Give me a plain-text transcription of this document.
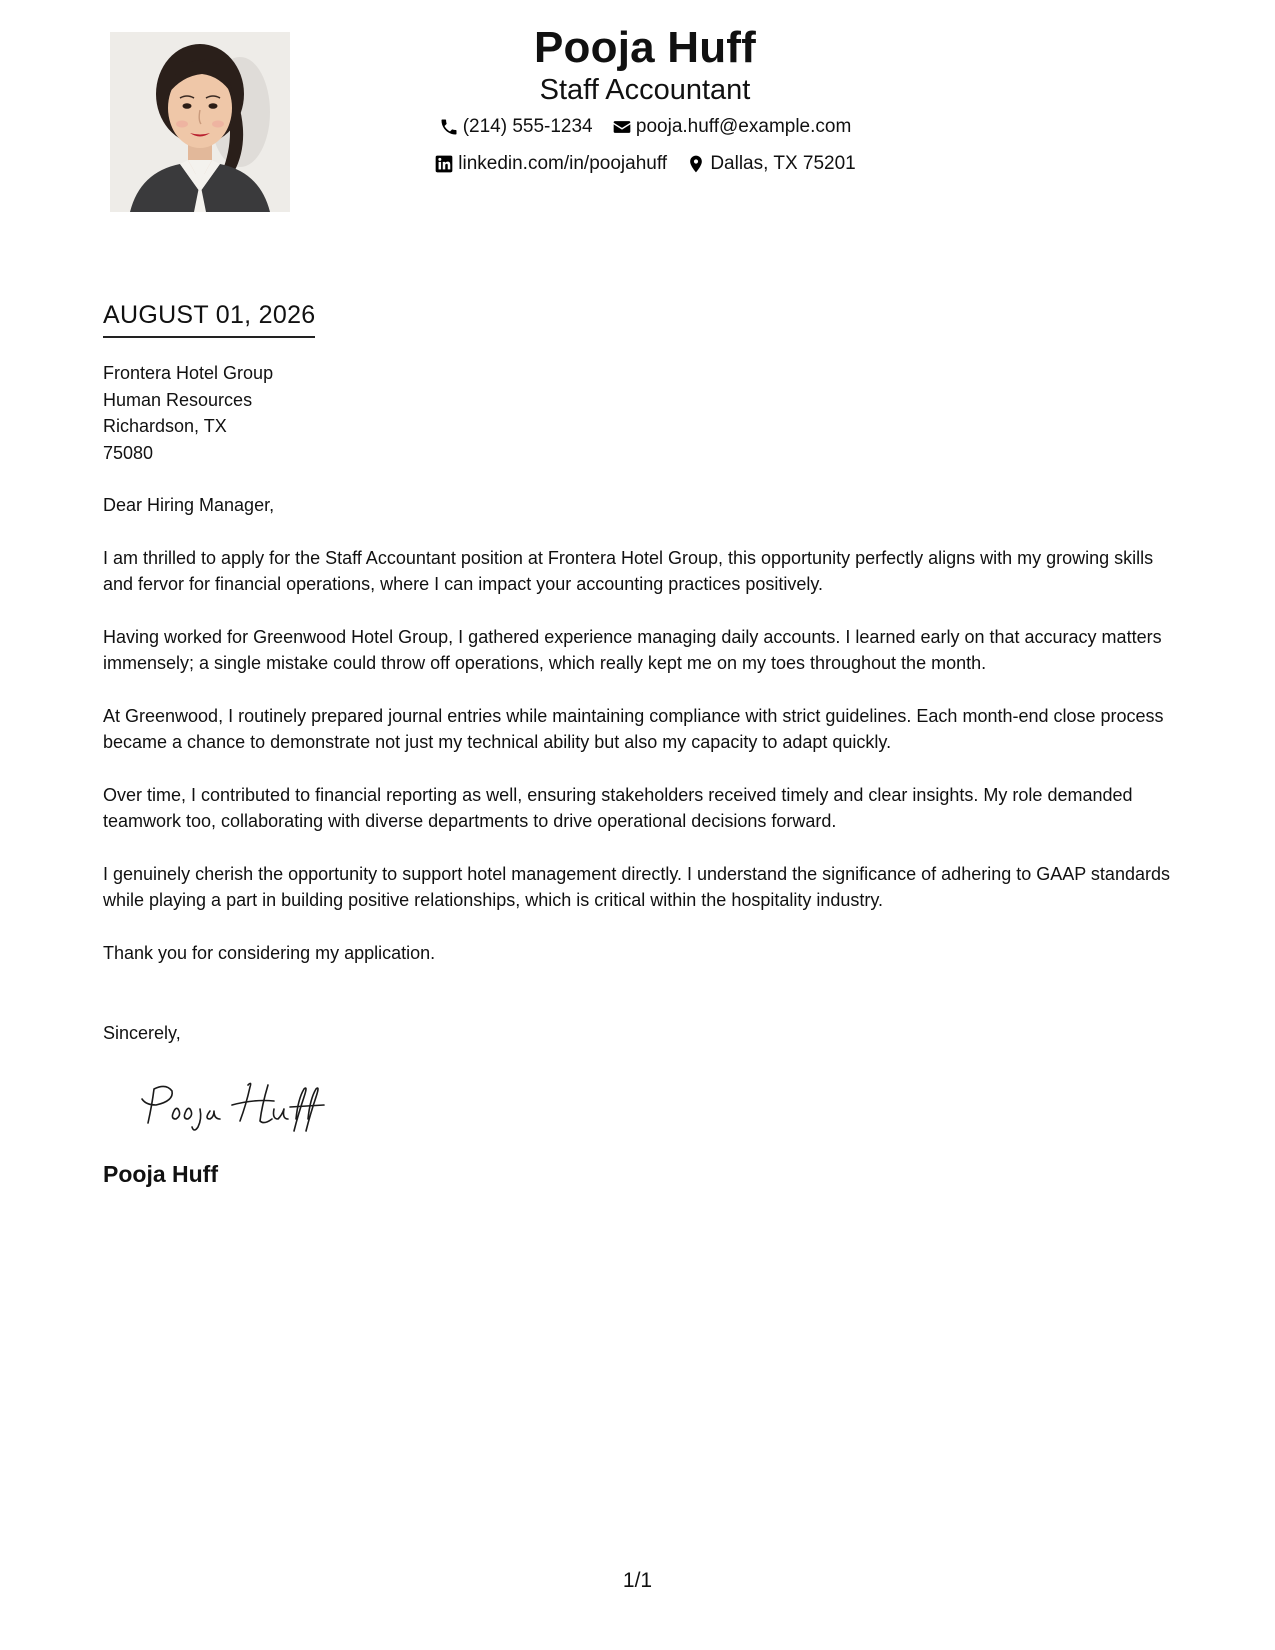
Pooja Huff
Staff Accountant
(214) 555-1234
pooja.huff@example.com
linkedin.com/in/poojahuff
Dallas, TX 75201
AUGUST 01, 2026
Frontera Hotel Group
Human Resources
Richardson, TX
75080

Dear Hiring Manager,

I am thrilled to apply for the Staff Accountant position at Frontera Hotel Group, this opportunity perfectly aligns with my growing skills and fervor for financial operations, where I can impact your accounting practices positively.

Having worked for Greenwood Hotel Group, I gathered experience managing daily accounts. I learned early on that accuracy matters immensely; a single mistake could throw off operations, which really kept me on my toes throughout the month.

At Greenwood, I routinely prepared journal entries while maintaining compliance with strict guidelines. Each month-end close process became a chance to demonstrate not just my technical ability but also my capacity to adapt quickly.

Over time, I contributed to financial reporting as well, ensuring stakeholders received timely and clear insights. My role demanded teamwork too, collaborating with diverse departments to drive operational decisions forward.

I genuinely cherish the opportunity to support hotel management directly. I understand the significance of adhering to GAAP standards while playing a part in building positive relationships, which is critical within the hospitality industry.

Thank you for considering my application.

Sincerely,
Pooja Huff
1/1
